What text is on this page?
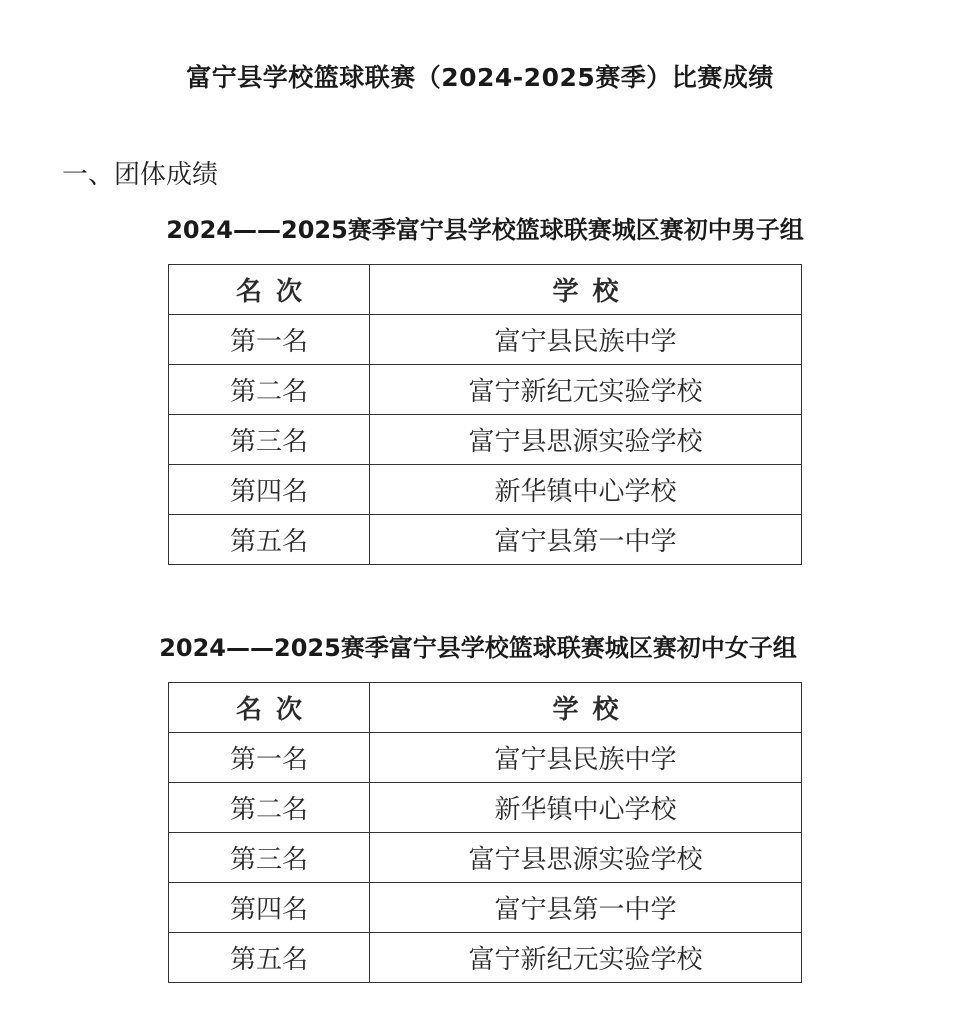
富宁县学校篮球联赛（2024-2025赛季）比赛成绩
一、团体成绩
2024——2025赛季富宁县学校篮球联赛城区赛初中男子组
名次	学校
第一名	富宁县民族中学
第二名	富宁新纪元实验学校
第三名	富宁县思源实验学校
第四名	新华镇中心学校
第五名	富宁县第一中学
2024——2025赛季富宁县学校篮球联赛城区赛初中女子组
名次	学校
第一名	富宁县民族中学
第二名	新华镇中心学校
第三名	富宁县思源实验学校
第四名	富宁县第一中学
第五名	富宁新纪元实验学校
